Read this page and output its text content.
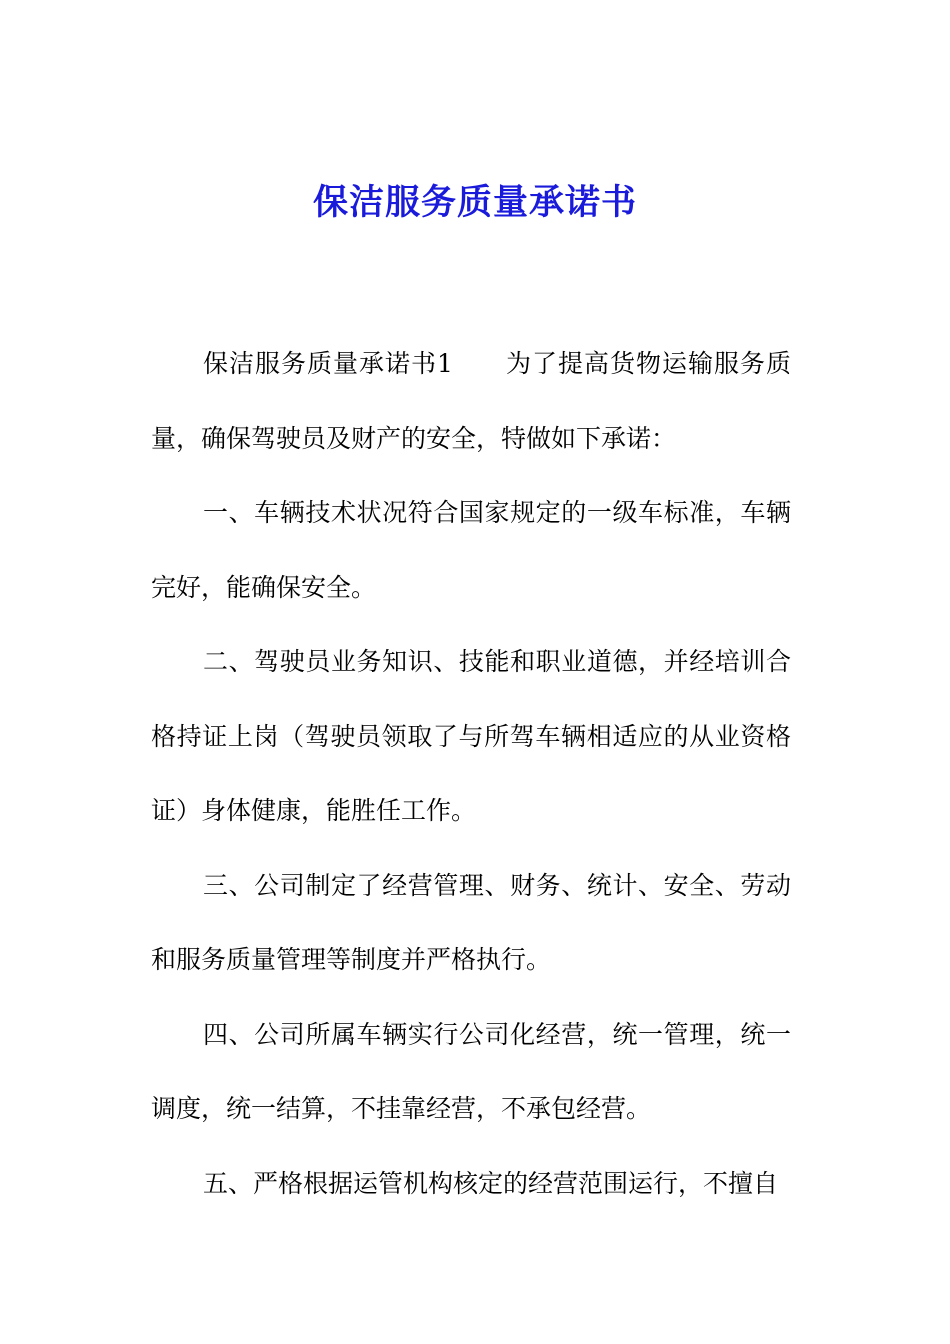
保洁服务质量承诺书

保洁服务质量承诺书1　　为了提高货物运输服务质量，确保驾驶员及财产的安全，特做如下承诺：

一、车辆技术状况符合国家规定的一级车标准，车辆完好，能确保安全。

二、驾驶员业务知识、技能和职业道德，并经培训合格持证上岗（驾驶员领取了与所驾车辆相适应的从业资格证）身体健康，能胜任工作。

三、公司制定了经营管理、财务、统计、安全、劳动和服务质量管理等制度并严格执行。

四、公司所属车辆实行公司化经营，统一管理，统一调度，统一结算，不挂靠经营，不承包经营。

五、严格根据运管机构核定的经营范围运行，不擅自
